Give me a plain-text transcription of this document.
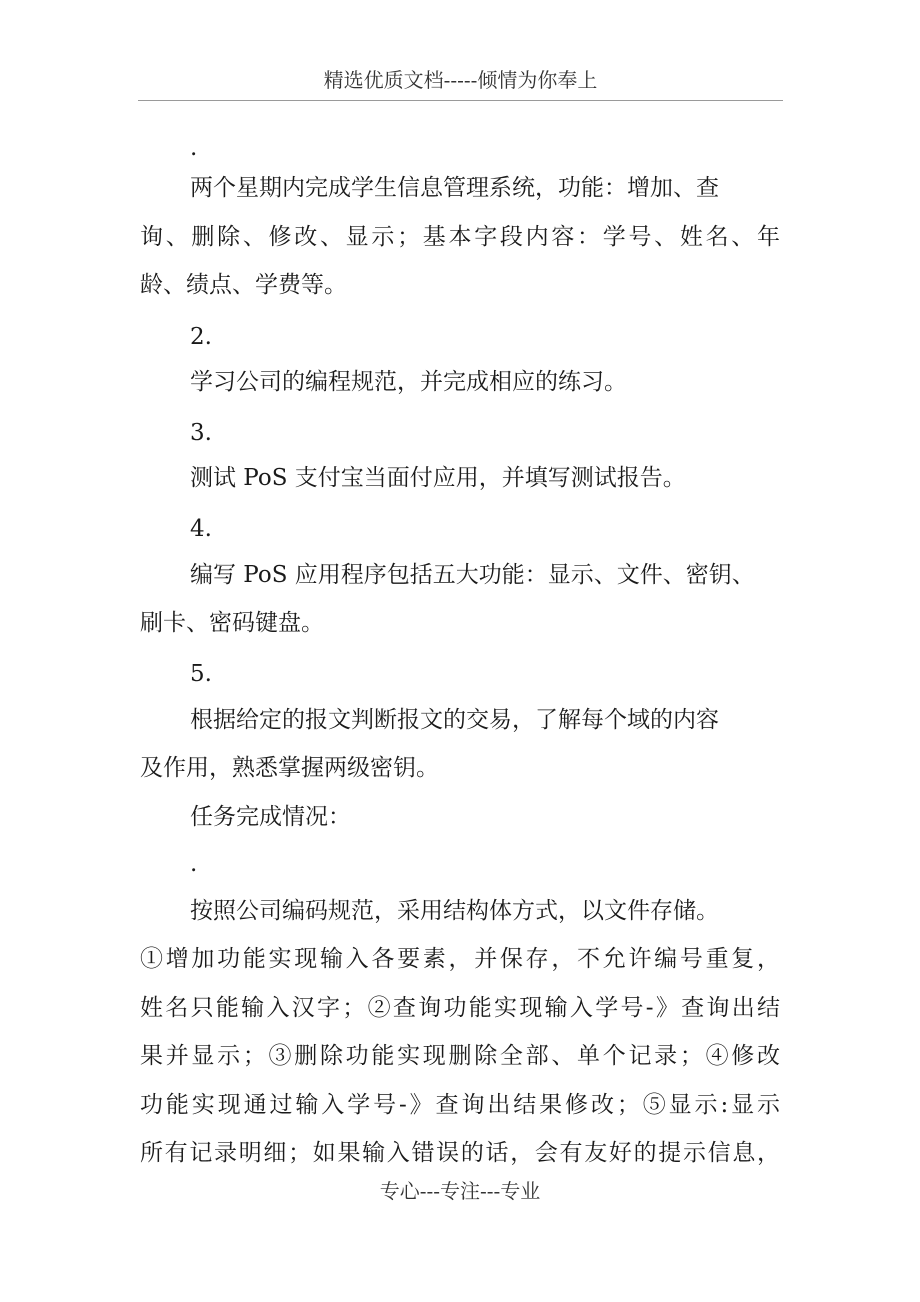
精选优质文档-----倾情为你奉上
.
两个星期内完成学生信息管理系统，功能：增加、查
询、删除、修改、显示；基本字段内容：学号、姓名、年
龄、绩点、学费等。
2.
学习公司的编程规范，并完成相应的练习。
3.
测试 PoS 支付宝当面付应用，并填写测试报告。
4.
编写 PoS 应用程序包括五大功能：显示、文件、密钥、
刷卡、密码键盘。
5.
根据给定的报文判断报文的交易，了解每个域的内容
及作用，熟悉掌握两级密钥。
任务完成情况：
.
按照公司编码规范，采用结构体方式，以文件存储。
①增加功能实现输入各要素，并保存，不允许编号重复，
姓名只能输入汉字；②查询功能实现输入学号-》查询出结
果并显示；③删除功能实现删除全部、单个记录；④修改
功能实现通过输入学号-》查询出结果修改；⑤显示:显示
所有记录明细；如果输入错误的话，会有友好的提示信息，
专心---专注---专业
